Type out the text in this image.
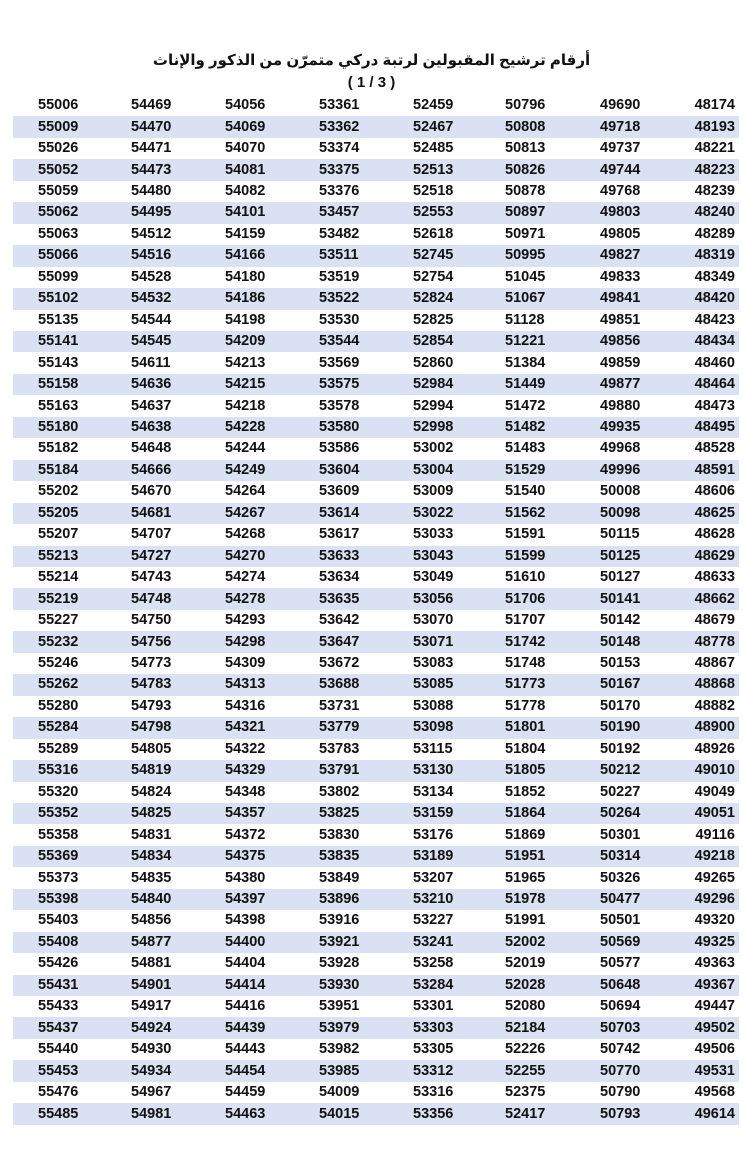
أرقام ترشيح المقبولين لرتبة دركي متمرّن من الذكور والإناث
( 1 / 3 )
55006	54469	54056	53361	52459	50796	49690	48174
55009	54470	54069	53362	52467	50808	49718	48193
55026	54471	54070	53374	52485	50813	49737	48221
55052	54473	54081	53375	52513	50826	49744	48223
55059	54480	54082	53376	52518	50878	49768	48239
55062	54495	54101	53457	52553	50897	49803	48240
55063	54512	54159	53482	52618	50971	49805	48289
55066	54516	54166	53511	52745	50995	49827	48319
55099	54528	54180	53519	52754	51045	49833	48349
55102	54532	54186	53522	52824	51067	49841	48420
55135	54544	54198	53530	52825	51128	49851	48423
55141	54545	54209	53544	52854	51221	49856	48434
55143	54611	54213	53569	52860	51384	49859	48460
55158	54636	54215	53575	52984	51449	49877	48464
55163	54637	54218	53578	52994	51472	49880	48473
55180	54638	54228	53580	52998	51482	49935	48495
55182	54648	54244	53586	53002	51483	49968	48528
55184	54666	54249	53604	53004	51529	49996	48591
55202	54670	54264	53609	53009	51540	50008	48606
55205	54681	54267	53614	53022	51562	50098	48625
55207	54707	54268	53617	53033	51591	50115	48628
55213	54727	54270	53633	53043	51599	50125	48629
55214	54743	54274	53634	53049	51610	50127	48633
55219	54748	54278	53635	53056	51706	50141	48662
55227	54750	54293	53642	53070	51707	50142	48679
55232	54756	54298	53647	53071	51742	50148	48778
55246	54773	54309	53672	53083	51748	50153	48867
55262	54783	54313	53688	53085	51773	50167	48868
55280	54793	54316	53731	53088	51778	50170	48882
55284	54798	54321	53779	53098	51801	50190	48900
55289	54805	54322	53783	53115	51804	50192	48926
55316	54819	54329	53791	53130	51805	50212	49010
55320	54824	54348	53802	53134	51852	50227	49049
55352	54825	54357	53825	53159	51864	50264	49051
55358	54831	54372	53830	53176	51869	50301	49116
55369	54834	54375	53835	53189	51951	50314	49218
55373	54835	54380	53849	53207	51965	50326	49265
55398	54840	54397	53896	53210	51978	50477	49296
55403	54856	54398	53916	53227	51991	50501	49320
55408	54877	54400	53921	53241	52002	50569	49325
55426	54881	54404	53928	53258	52019	50577	49363
55431	54901	54414	53930	53284	52028	50648	49367
55433	54917	54416	53951	53301	52080	50694	49447
55437	54924	54439	53979	53303	52184	50703	49502
55440	54930	54443	53982	53305	52226	50742	49506
55453	54934	54454	53985	53312	52255	50770	49531
55476	54967	54459	54009	53316	52375	50790	49568
55485	54981	54463	54015	53356	52417	50793	49614
